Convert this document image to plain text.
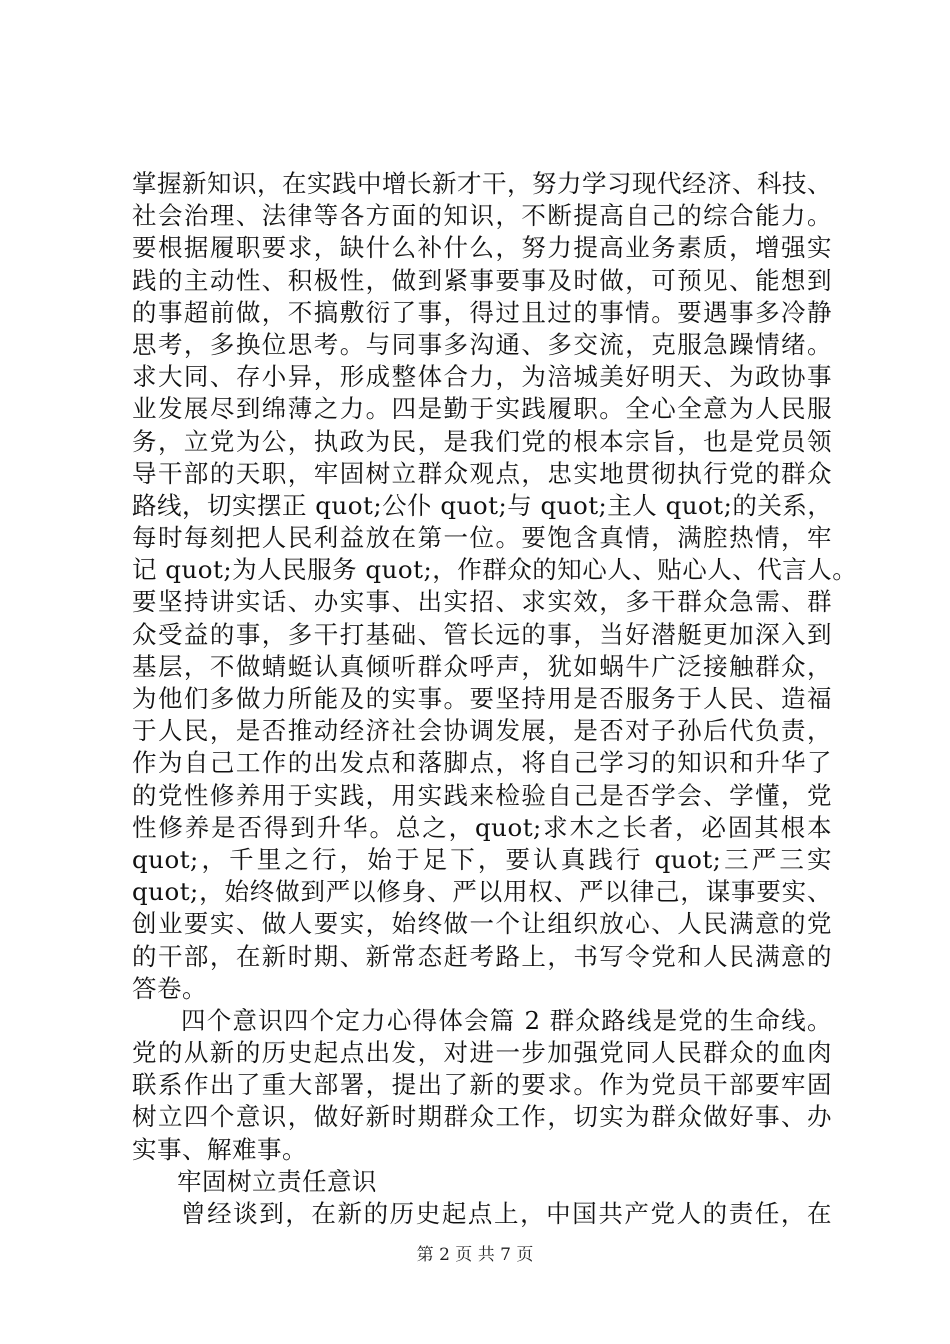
掌握新知识，在实践中增长新才干，努力学习现代经济、科技、
社会治理、法律等各方面的知识，不断提高自己的综合能力。
要根据履职要求，缺什么补什么，努力提高业务素质，增强实
践的主动性、积极性，做到紧事要事及时做，可预见、能想到
的事超前做，不搞敷衍了事，得过且过的事情。要遇事多冷静
思考，多换位思考。与同事多沟通、多交流，克服急躁情绪。
求大同、存小异，形成整体合力，为涪城美好明天、为政协事
业发展尽到绵薄之力。四是勤于实践履职。全心全意为人民服
务，立党为公，执政为民，是我们党的根本宗旨，也是党员领
导干部的天职，牢固树立群众观点，忠实地贯彻执行党的群众
路线，切实摆正 quot;公仆 quot;与 quot;主人 quot;的关系，
每时每刻把人民利益放在第一位。要饱含真情，满腔热情，牢
记 quot;为人民服务 quot;，作群众的知心人、贴心人、代言人。
要坚持讲实话、办实事、出实招、求实效，多干群众急需、群
众受益的事，多干打基础、管长远的事，当好潜艇更加深入到
基层，不做蜻蜓认真倾听群众呼声，犹如蜗牛广泛接触群众，
为他们多做力所能及的实事。要坚持用是否服务于人民、造福
于人民，是否推动经济社会协调发展，是否对子孙后代负责，
作为自己工作的出发点和落脚点，将自己学习的知识和升华了
的党性修养用于实践，用实践来检验自己是否学会、学懂，党
性修养是否得到升华。总之，quot;求木之长者，必固其根本
quot;，千里之行，始于足下，要认真践行 quot;三严三实
quot;，始终做到严以修身、严以用权、严以律己，谋事要实、
创业要实、做人要实，始终做一个让组织放心、人民满意的党
的干部，在新时期、新常态赶考路上，书写令党和人民满意的
答卷。
四个意识四个定力心得体会篇 2 群众路线是党的生命线。
党的从新的历史起点出发，对进一步加强党同人民群众的血肉
联系作出了重大部署，提出了新的要求。作为党员干部要牢固
树立四个意识，做好新时期群众工作，切实为群众做好事、办
实事、解难事。
牢固树立责任意识
曾经谈到，在新的历史起点上，中国共产党人的责任，在
第 2 页 共 7 页
